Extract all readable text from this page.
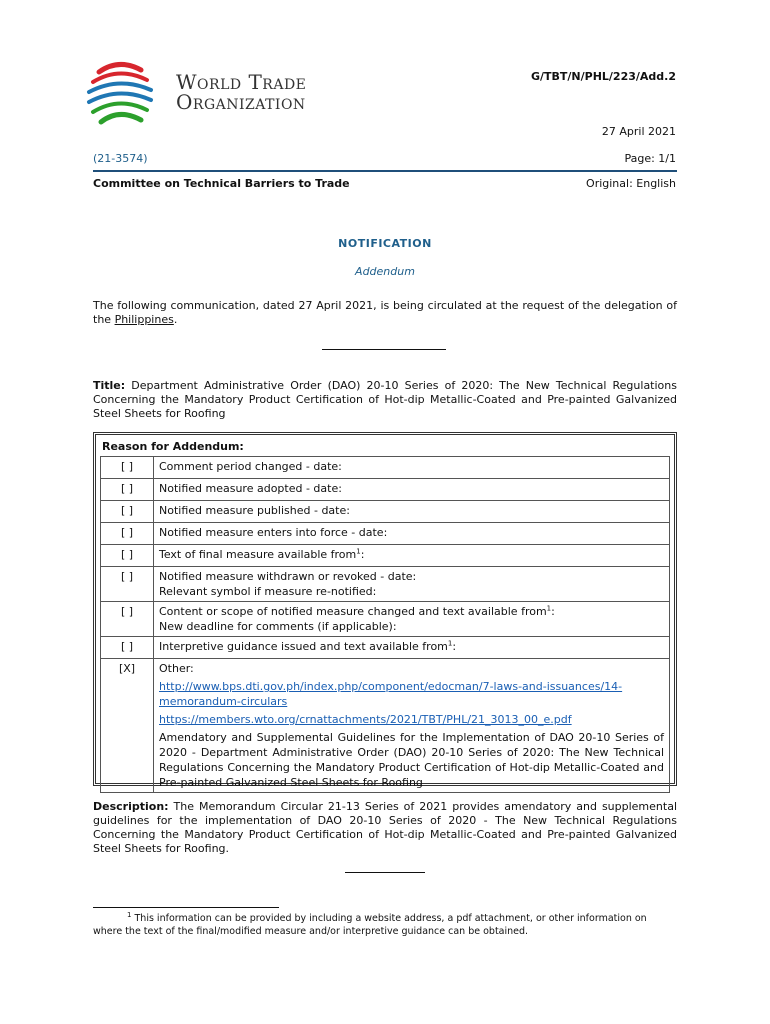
World Trade
Organization
G/TBT/N/PHL/223/Add.2
27 April 2021
(21-3574)	Page: 1/1
Committee on Technical Barriers to Trade	Original: English
NOTIFICATION
Addendum
The following communication, dated 27 April 2021, is being circulated at the request of the delegation of the Philippines.
Title: Department Administrative Order (DAO) 20-10 Series of 2020: The New Technical Regulations Concerning the Mandatory Product Certification of Hot-dip Metallic-Coated and Pre-painted Galvanized Steel Sheets for Roofing
Reason for Addendum:
[ ]	Comment period changed - date:
[ ]	Notified measure adopted - date:
[ ]	Notified measure published - date:
[ ]	Notified measure enters into force - date:
[ ]	Text of final measure available from$^1$:
[ ]	Notified measure withdrawn or revoked - date:
Relevant symbol if measure re-notified:

[ ]	Content or scope of notified measure changed and text available from$^1$:
New deadline for comments (if applicable):

[ ]	Interpretive guidance issued and text available from$^1$:
[X]	Other:
http://www.bps.dti.gov.ph/index.php/component/edocman/7-laws-and-issuances/14-memorandum-circulars
https://members.wto.org/crnattachments/2021/TBT/PHL/21_3013_00_e.pdf
Amendatory and Supplemental Guidelines for the Implementation of DAO 20-10 Series of 2020 - Department Administrative Order (DAO) 20-10 Series of 2020: The New Technical Regulations Concerning the Mandatory Product Certification of Hot-dip Metallic-Coated and Pre-painted Galvanized Steel Sheets for Roofing
Description: The Memorandum Circular 21-13 Series of 2021 provides amendatory and supplemental guidelines for the implementation of DAO 20-10 Series of 2020 - The New Technical Regulations Concerning the Mandatory Product Certification of Hot-dip Metallic-Coated and Pre-painted Galvanized Steel Sheets for Roofing.
$^1$ This information can be provided by including a website address, a pdf attachment, or other information on where the text of the final/modified measure and/or interpretive guidance can be obtained.
